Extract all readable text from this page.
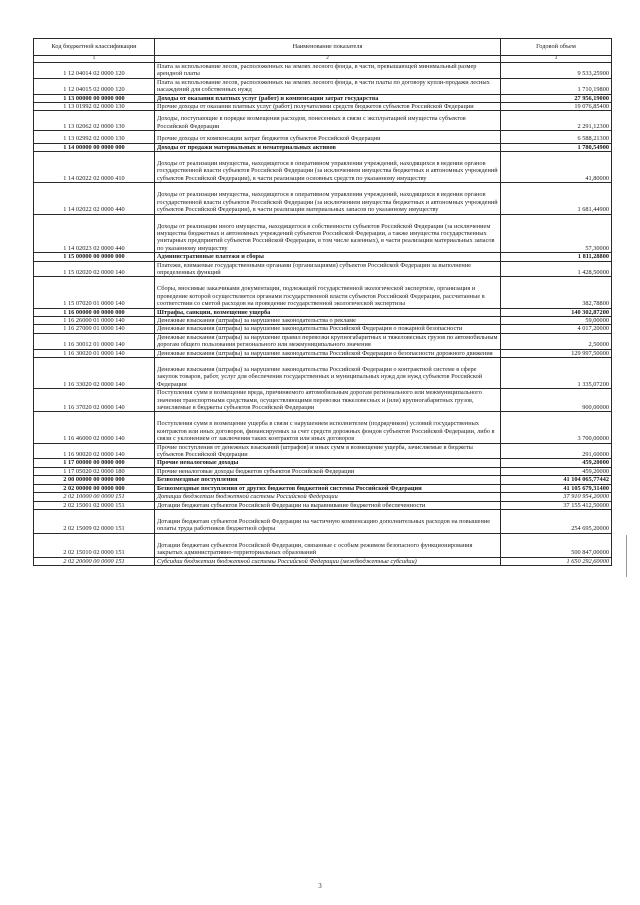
Код бюджетной классификации	Наименование показателя	Годовой объем
1	2	3
1 12 04014 02 0000 120	Плата за использование лесов, расположенных на землях лесного фонда, в части, превышающей минимальный размер арендной платы	9 533,25900
1 12 04015 02 0000 120	Плата за использование лесов, расположенных на землях лесного фонда, в части платы по договору купли-продажи лесных насаждений для собственных нужд	1 710,19800
1 13 00000 00 0000 000	Доходы от оказания платных услуг (работ) и компенсации затрат государства	27 956,19000
1 13 01992 02 0000 130	Прочие доходы от оказания платных услуг (работ) получателями средств бюджетов субъектов Российской Федерации	19 076,85400
1 13 02062 02 0000 130	Доходы, поступающие в порядке возмещения расходов, понесенных в связи с эксплуатацией имущества субъектов Российской Федерации	2 291,12300
1 13 02992 02 0000 130	Прочие доходы от компенсации затрат бюджетов субъектов Российской Федерации	6 588,21300
1 14 00000 00 0000 000	Доходы от продажи материальных и нематериальных активов	1 780,54900
1 14 02022 02 0000 410	Доходы от реализации имущества, находящегося в оперативном управлении учреждений, находящихся в ведении органов государственной власти субъектов Российской Федерации (за исключением имущества бюджетных и автономных учреждений субъектов Российской Федерации), в части реализации основных средств по указанному имуществу	41,80000
1 14 02022 02 0000 440	Доходы от реализации имущества, находящегося в оперативном управлении учреждений, находящихся в ведении органов государственной власти субъектов Российской Федерации (за исключением имущества бюджетных и автономных учреждений субъектов Российской Федерации), в части реализации материальных запасов по указанному имуществу	1 681,44900
1 14 02023 02 0000 440	Доходы от реализации иного имущества, находящегося в собственности субъектов Российской Федерации (за исключением имущества бюджетных и автономных учреждений субъектов Российской Федерации, а также имущества государственных унитарных предприятий субъектов Российской Федерации, в том числе казенных), в части реализации материальных запасов по указанному имуществу	57,30000
1 15 00000 00 0000 000	Административные платежи и сборы	1 811,28800
1 15 02020 02 0000 140	Платежи, взимаемые государственными органами (организациями) субъектов Российской Федерации за выполнение определенных функций	1 428,50000
1 15 07020 01 0000 140	Сборы, вносимые заказчиками документации, подлежащей государственной экологической экспертизе, организация и проведение которой осуществляется органами государственной власти субъектов Российской Федерации, рассчитанные в соответствии со сметой расходов на проведение государственной экологической экспертизы	382,78800
1 16 00000 00 0000 000	Штрафы, санкции, возмещение ущерба	140 302,87200
1 16 26000 01 0000 140	Денежные взыскания (штрафы) за нарушение законодательства о рекламе	59,00000
1 16 27000 01 0000 140	Денежные взыскания (штрафы) за нарушение законодательства Российской Федерации о пожарной безопасности	4 017,20000
1 16 30012 01 0000 140	Денежные взыскания (штрафы) за нарушение правил перевозки крупногабаритных и тяжеловесных грузов по автомобильным дорогам общего пользования регионального или межмуниципального значения	2,50000
1 16 30020 01 0000 140	Денежные взыскания (штрафы) за нарушение законодательства Российской Федерации о безопасности дорожного движения	129 997,50000
1 16 33020 02 0000 140	Денежные взыскания (штрафы) за нарушение законодательства Российской Федерации о контрактной системе в сфере закупок товаров, работ, услуг для обеспечения государственных и муниципальных нужд для нужд субъектов Российской Федерации	1 335,07200
1 16 37020 02 0000 140	Поступления сумм в возмещение вреда, причиняемого автомобильным дорогам регионального или межмуниципального значения транспортными средствами, осуществляющими перевозки тяжеловесных и (или) крупногабаритных грузов, зачисляемые в бюджеты субъектов Российской Федерации	900,00000
1 16 46000 02 0000 140	Поступления сумм в возмещение ущерба в связи с нарушением исполнителем (подрядчиком) условий государственных контрактов или иных договоров, финансируемых за счет средств дорожных фондов субъектов Российской Федерации, либо в связи с уклонением от заключения таких контрактов или иных договоров	3 700,00000
1 16 90020 02 0000 140	Прочие поступления от денежных взысканий (штрафов) и иных сумм в возмещение ущерба, зачисляемые в бюджеты субъектов Российской Федерации	291,60000
1 17 00000 00 0000 000	Прочие неналоговые доходы	459,20000
1 17 05020 02 0000 180	Прочие неналоговые доходы бюджетов субъектов Российской Федерации	459,20000
2 00 00000 00 0000 000	Безвозмездные поступления	41 104 065,77442
2 02 00000 00 0000 000	Безвозмездные поступления от других бюджетов бюджетной системы Российской Федерации	41 105 679,31400
2 02 10000 00 0000 151	Дотации бюджетам бюджетной системы Российской Федерации	37 910 954,20000
2 02 15001 02 0000 151	Дотации бюджетам субъектов Российской Федерации на выравнивание бюджетной обеспеченности	37 155 412,50000
2 02 15009 02 0000 151	Дотации бюджетам субъектов Российской Федерации на частичную компенсацию дополнительных расходов на повышение оплаты труда работников бюджетной сферы	254 695,20000
2 02 15010 02 0000 151	Дотации бюджетам субъектов Российской Федерации, связанные с особым режимом безопасного функционирования закрытых административно-территориальных образований	500 847,00000
2 02 20000 00 0000 151	Субсидии бюджетам бюджетной системы Российской Федерации (межбюджетные субсидии)	1 650 292,60000
3
